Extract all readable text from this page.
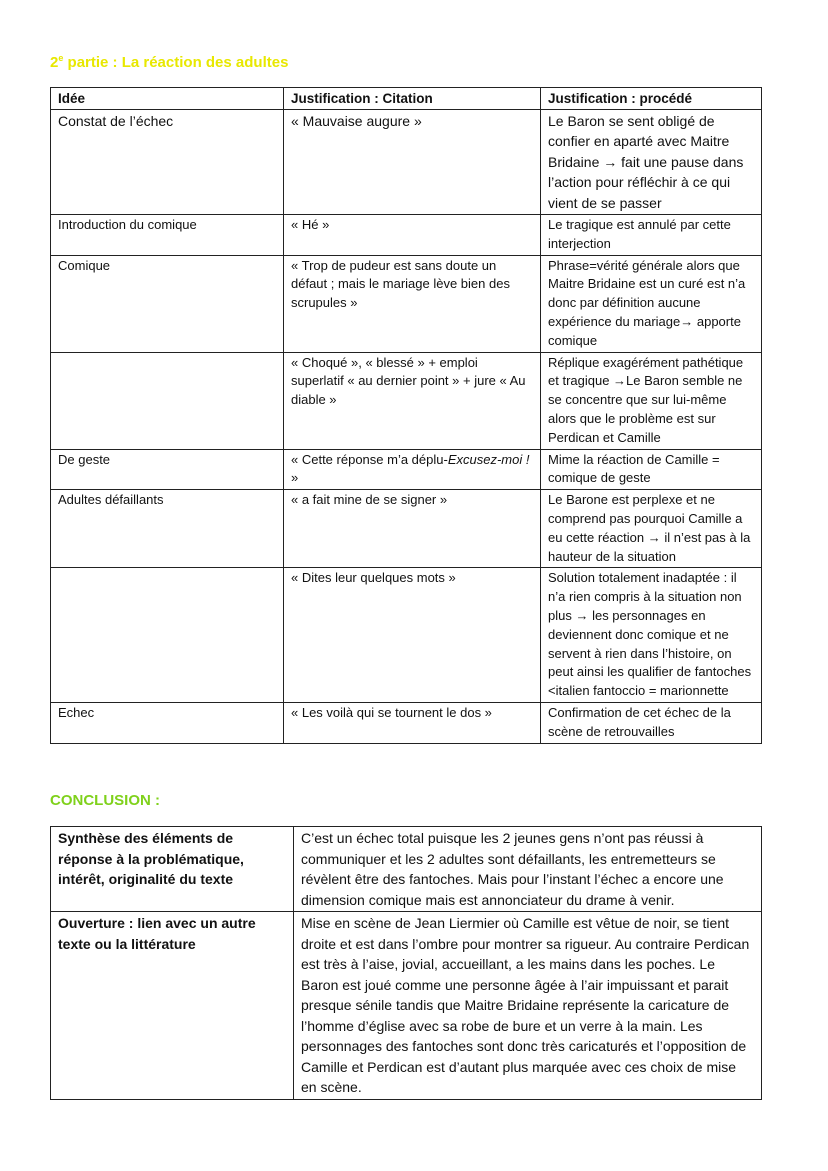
2e partie : La réaction des adultes
Idée	Justification : Citation	Justification : procédé
Constat de l’échec	« Mauvaise augure »	Le Baron se sent obligé de confier en aparté avec Maitre Bridaine → fait une pause dans l’action pour réfléchir à ce qui vient de se passer
Introduction du comique	« Hé »	Le tragique est annulé par cette interjection
Comique	« Trop de pudeur est sans doute un défaut ; mais le mariage lève bien des scrupules »	Phrase=vérité générale alors que Maitre Bridaine est un curé est n’a donc par définition aucune expérience du mariage→ apporte comique
	« Choqué », « blessé » + emploi superlatif « au dernier point » + jure « Au diable »	Réplique exagérément pathétique et tragique →Le Baron semble ne se concentre que sur lui-même alors que le problème est sur Perdican et Camille
De geste	« Cette réponse m’a déplu-Excusez-moi ! »	Mime la réaction de Camille = comique de geste
Adultes défaillants	« a fait mine de se signer »	Le Barone est perplexe et ne comprend pas pourquoi Camille a eu cette réaction → il n’est pas à la hauteur de la situation
	« Dites leur quelques mots »	Solution totalement inadaptée : il n’a rien compris à la situation non plus → les personnages en deviennent donc comique et ne servent à rien dans l’histoire, on peut ainsi les qualifier de fantoches <italien fantoccio = marionnette
Echec	« Les voilà qui se tournent le dos »	Confirmation de cet échec de la scène de retrouvailles
CONCLUSION :
Synthèse des éléments de réponse à la problématique, intérêt, originalité du texte	C’est un échec total puisque les 2 jeunes gens n’ont pas réussi à communiquer et les 2 adultes sont défaillants, les entremetteurs se révèlent être des fantoches. Mais pour l’instant l’échec a encore une dimension comique mais est annonciateur du drame à venir.
Ouverture : lien avec un autre texte ou la littérature	Mise en scène de Jean Liermier où Camille est vêtue de noir, se tient droite et est dans l’ombre pour montrer sa rigueur. Au contraire Perdican est très à l’aise, jovial, accueillant, a les mains dans les poches. Le Baron est joué comme une personne âgée à l’air impuissant et parait presque sénile tandis que Maitre Bridaine représente la caricature de l’homme d’église avec sa robe de bure et un verre à la main. Les personnages des fantoches sont donc très caricaturés et l’opposition de Camille et Perdican est d’autant plus marquée avec ces choix de mise en scène.
